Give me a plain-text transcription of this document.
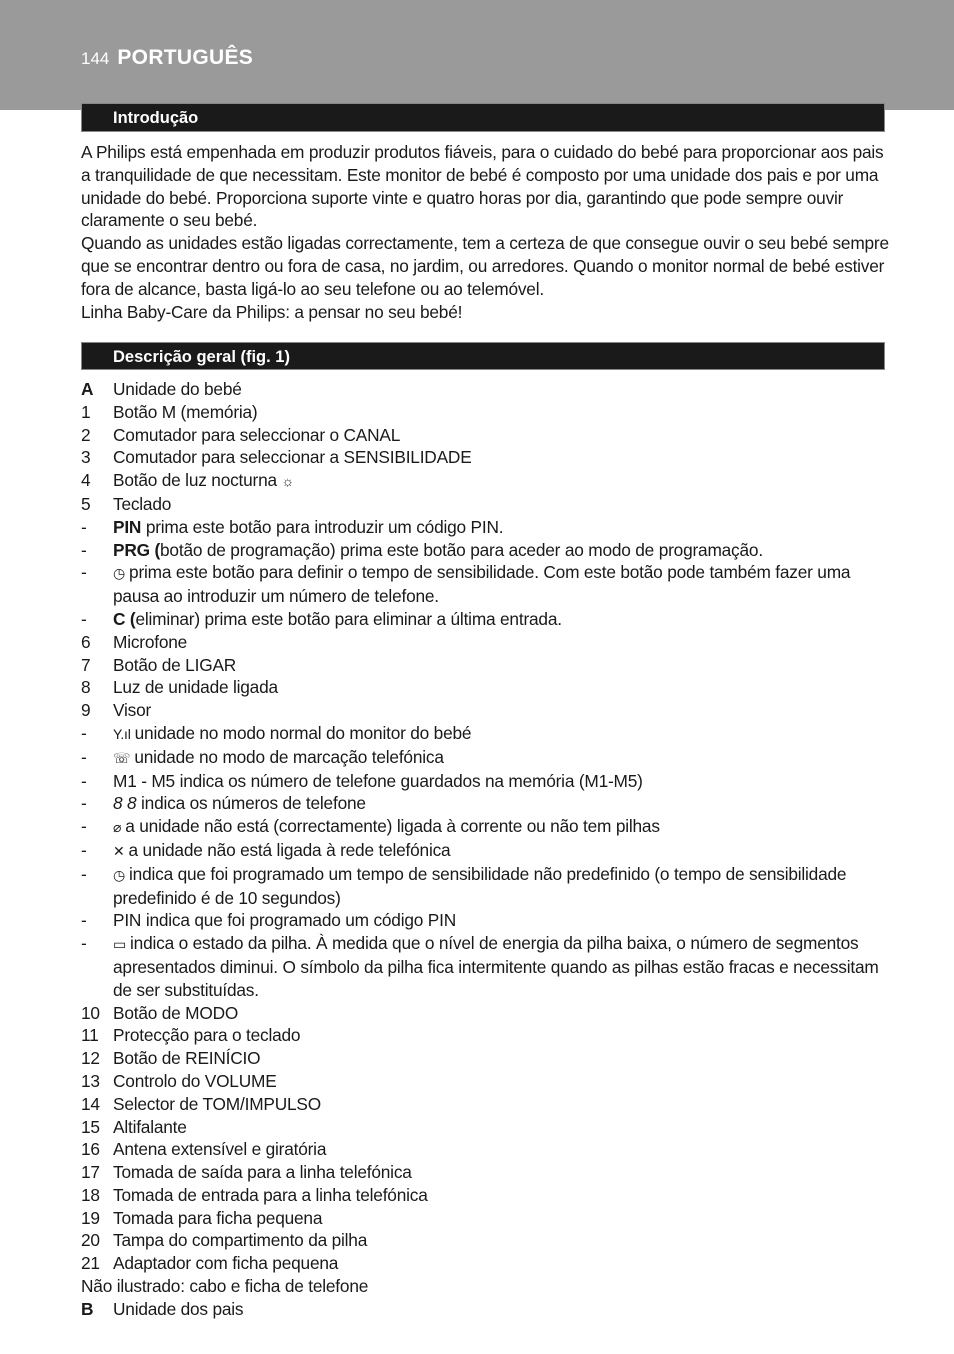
144 PORTUGUÊS
Introdução

A Philips está empenhada em produzir produtos fiáveis, para o cuidado do bebé para proporcionar aos pais a tranquilidade de que necessitam. Este monitor de bebé é composto por uma unidade dos pais e por uma unidade do bebé. Proporciona suporte vinte e quatro horas por dia, garantindo que pode sempre ouvir claramente o seu bebé.

Quando as unidades estão ligadas correctamente, tem a certeza de que consegue ouvir o seu bebé sempre que se encontrar dentro ou fora de casa, no jardim, ou arredores. Quando o monitor normal de bebé estiver fora de alcance, basta ligá-lo ao seu telefone ou ao telemóvel.

Linha Baby-Care da Philips: a pensar no seu bebé!

Descrição geral (fig. 1)
A	Unidade do bebé
1	Botão M (memória)
2	Comutador para seleccionar o CANAL
3	Comutador para seleccionar a SENSIBILIDADE
4	Botão de luz nocturna ☼
5	Teclado
-	PIN prima este botão para introduzir um código PIN.
-	PRG (botão de programação) prima este botão para aceder ao modo de programação.
-	◷ prima este botão para definir o tempo de sensibilidade. Com este botão pode também fazer uma pausa ao introduzir um número de telefone.
-	C (eliminar) prima este botão para eliminar a última entrada.
6	Microfone
7	Botão de LIGAR
8	Luz de unidade ligada
9	Visor
-	Y.ıl unidade no modo normal do monitor do bebé
-	☏ unidade no modo de marcação telefónica
-	M1 - M5 indica os número de telefone guardados na memória (M1-M5)
-	8 8 indica os números de telefone
-	⌀ a unidade não está (correctamente) ligada à corrente ou não tem pilhas
-	✕ a unidade não está ligada à rede telefónica
-	◷ indica que foi programado um tempo de sensibilidade não predefinido (o tempo de sensibilidade predefinido é de 10 segundos)
-	PIN indica que foi programado um código PIN
-	▭ indica o estado da pilha. À medida que o nível de energia da pilha baixa, o número de segmentos apresentados diminui. O símbolo da pilha fica intermitente quando as pilhas estão fracas e necessitam de ser substituídas.
10 Botão de MODO
11 Protecção para o teclado
12 Botão de REINÍCIO
13 Controlo do VOLUME
14 Selector de TOM/IMPULSO
15 Altifalante
16 Antena extensível e giratória
17 Tomada de saída para a linha telefónica
18 Tomada de entrada para a linha telefónica
19 Tomada para ficha pequena
20 Tampa do compartimento da pilha
21 Adaptador com ficha pequena
Não ilustrado: cabo e ficha de telefone
B	Unidade dos pais
